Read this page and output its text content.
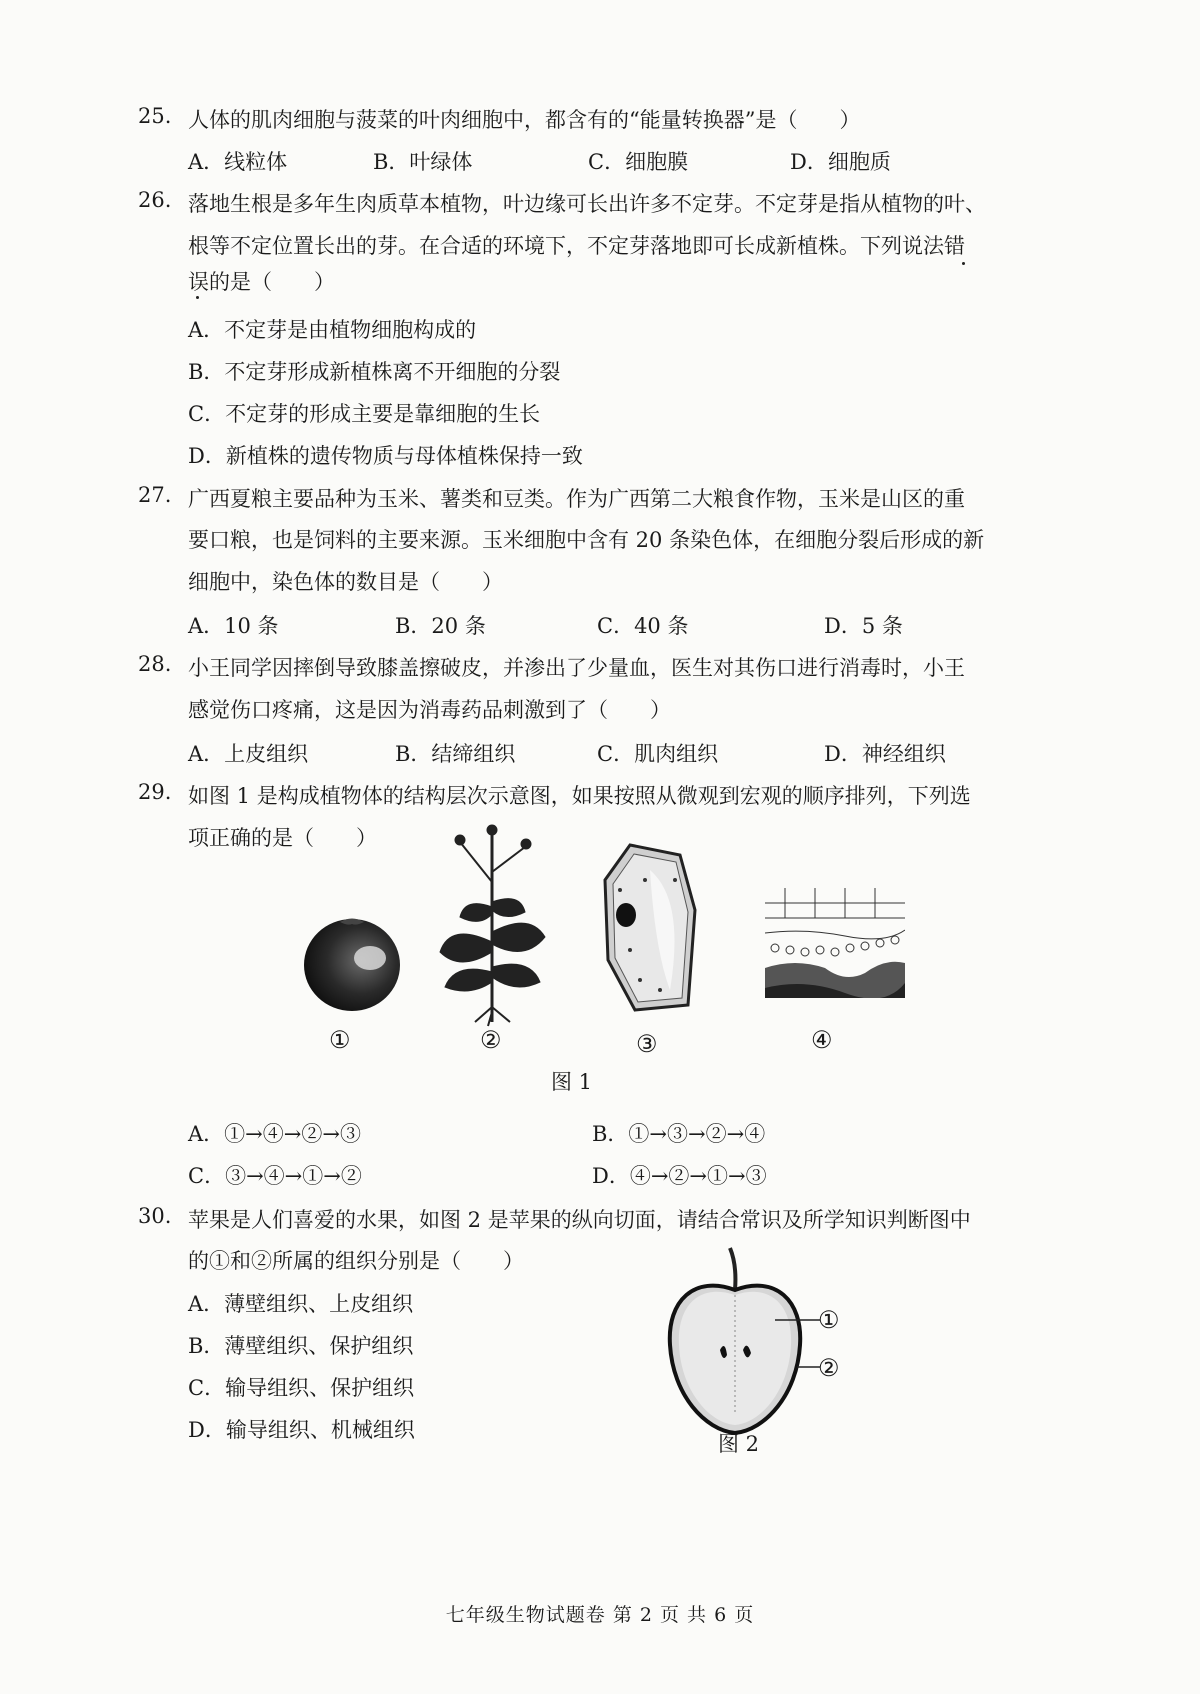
25. 人体的肌肉细胞与菠菜的叶肉细胞中，都含有的“能量转换器”是（　　）
A．线粒体	B．叶绿体	C．细胞膜	D．细胞质
26. 落地生根是多年生肉质草本植物，叶边缘可长出许多不定芽。不定芽是指从植物的叶、
根等不定位置长出的芽。在合适的环境下，不定芽落地即可长成新植株。下列说法错
误的是（　　）
A．不定芽是由植物细胞构成的
B．不定芽形成新植株离不开细胞的分裂
C．不定芽的形成主要是靠细胞的生长
D．新植株的遗传物质与母体植株保持一致
27. 广西夏粮主要品种为玉米、薯类和豆类。作为广西第二大粮食作物，玉米是山区的重
要口粮，也是饲料的主要来源。玉米细胞中含有 20 条染色体，在细胞分裂后形成的新
细胞中，染色体的数目是（　　）
A．10 条	B．20 条	C．40 条	D．5 条
28. 小王同学因摔倒导致膝盖擦破皮，并渗出了少量血，医生对其伤口进行消毒时，小王
感觉伤口疼痛，这是因为消毒药品刺激到了（　　）
A．上皮组织	B．结缔组织	C．肌肉组织	D．神经组织
29. 如图 1 是构成植物体的结构层次示意图，如果按照从微观到宏观的顺序排列，下列选
项正确的是（　　）
①	②	③	④
图 1
A．①→④→②→③	B．①→③→②→④
C．③→④→①→②	D．④→②→①→③
30. 苹果是人们喜爱的水果，如图 2 是苹果的纵向切面，请结合常识及所学知识判断图中
的①和②所属的组织分别是（　　）
A．薄壁组织、上皮组织
B．薄壁组织、保护组织
C．输导组织、保护组织
D．输导组织、机械组织
①
②
图 2
七年级生物试题卷 第 2 页 共 6 页
